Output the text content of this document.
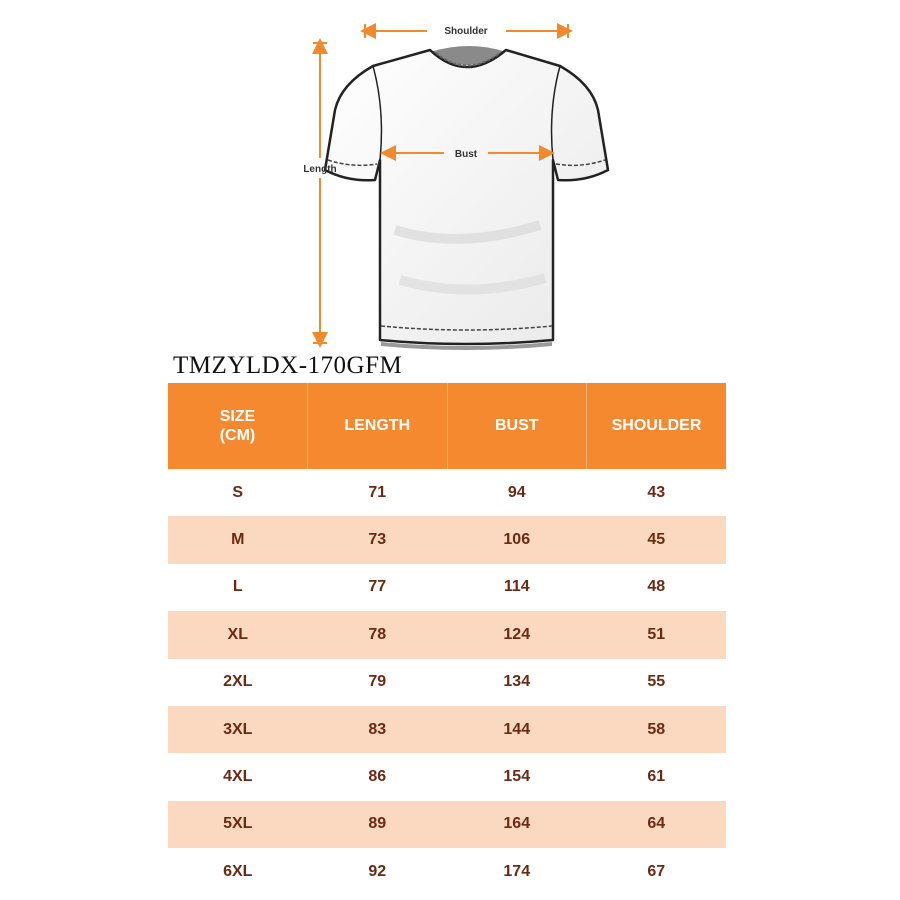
Shoulder
Bust
Length
TMZYLDX-170GFM
SIZE
(CM)	LENGTH	BUST	SHOULDER
S	71	94	43
M	73	106	45
L	77	114	48
XL	78	124	51
2XL	79	134	55
3XL	83	144	58
4XL	86	154	61
5XL	89	164	64
6XL	92	174	67
